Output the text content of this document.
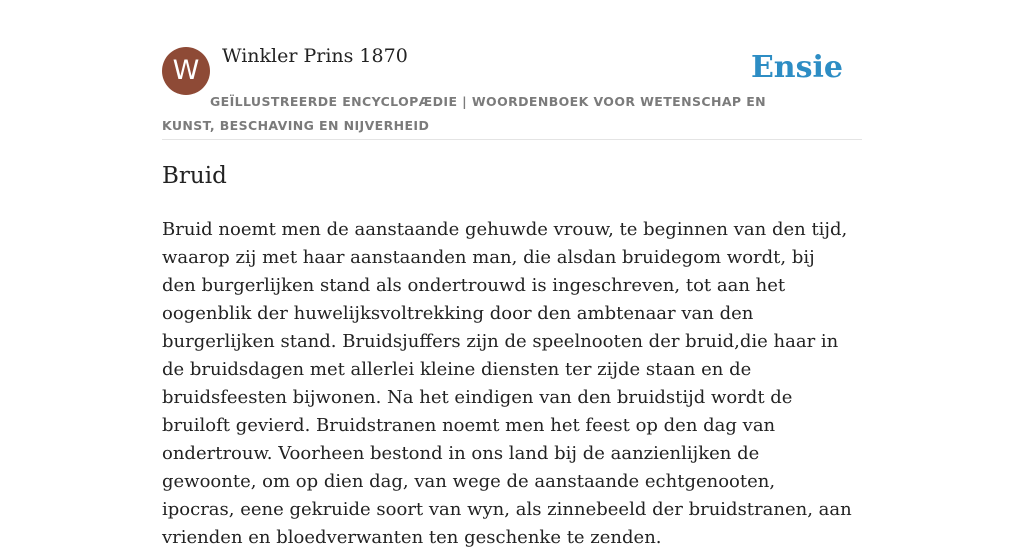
W	Winkler Prins 1870	Ensie
GEÏLLUSTREERDE ENCYCLOPÆDIE | WOORDENBOEK VOOR WETENSCHAP EN KUNST, BESCHAVING EN NIJVERHEID
Bruid

Bruid noemt men de aanstaande gehuwde vrouw, te beginnen van den tijd, waarop zij met haar aanstaanden man, die alsdan bruidegom wordt, bij den burgerlijken stand als ondertrouwd is ingeschreven, tot aan het oogenblik der huwelijksvoltrekking door den ambtenaar van den burgerlijken stand. Bruidsjuffers zijn de speelnooten der bruid,die haar in de bruidsdagen met allerlei kleine diensten ter zijde staan en de bruidsfeesten bijwonen. Na het eindigen van den bruidstijd wordt de bruiloft gevierd. Bruidstranen noemt men het feest op den dag van ondertrouw. Voorheen bestond in ons land bij de aanzienlijken de gewoonte, om op dien dag, van wege de aanstaande echtgenooten, ipocras, eene gekruide soort van wyn, als zinnebeeld der bruidstranen, aan vrienden en bloedverwanten ten geschenke te zenden.
